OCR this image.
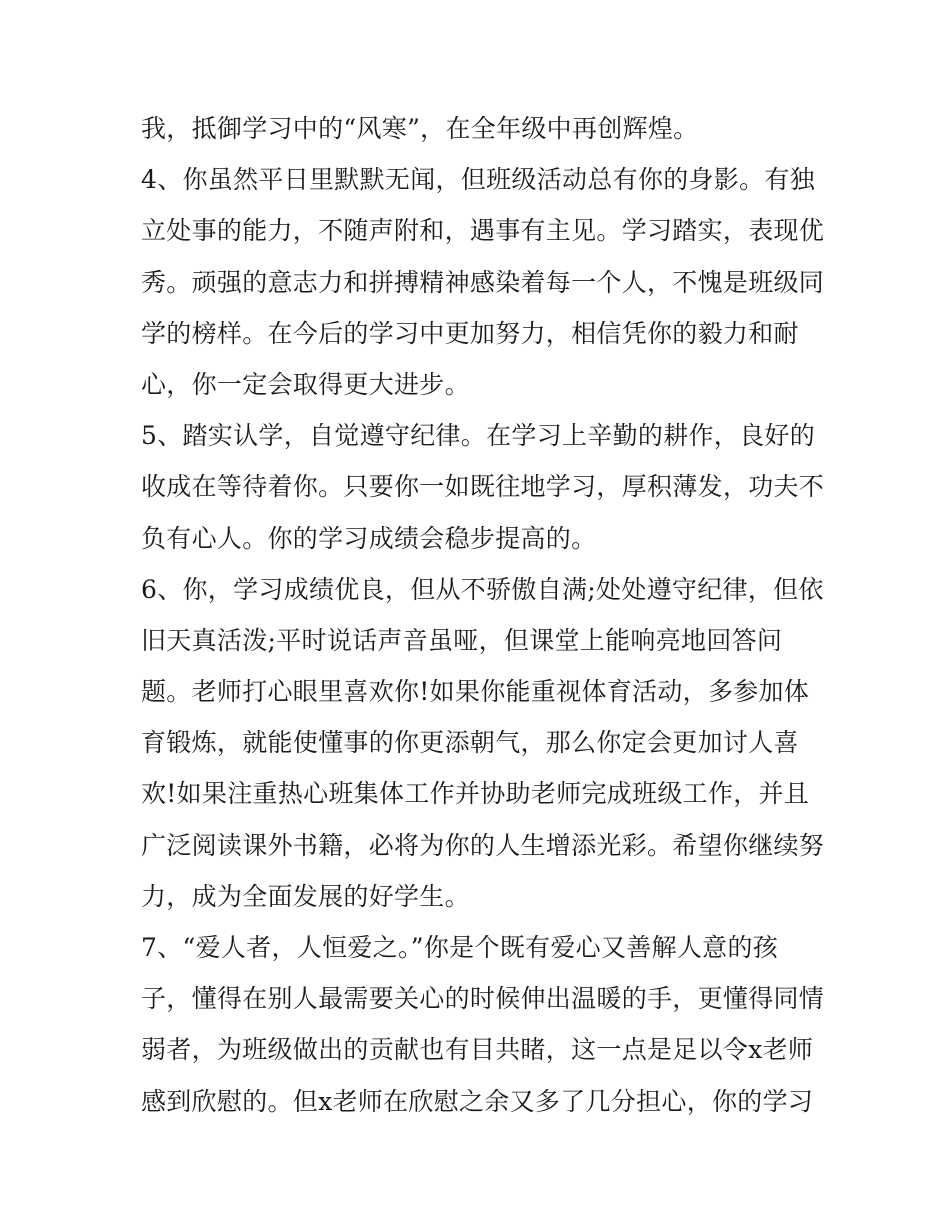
我，抵御学习中的“风寒”，在全年级中再创辉煌。
4、你虽然平日里默默无闻，但班级活动总有你的身影。有独
立处事的能力，不随声附和，遇事有主见。学习踏实，表现优
秀。顽强的意志力和拼搏精神感染着每一个人，不愧是班级同
学的榜样。在今后的学习中更加努力，相信凭你的毅力和耐
心，你一定会取得更大进步。
5、踏实认学，自觉遵守纪律。在学习上辛勤的耕作，良好的
收成在等待着你。只要你一如既往地学习，厚积薄发，功夫不
负有心人。你的学习成绩会稳步提高的。
6、你，学习成绩优良，但从不骄傲自满;处处遵守纪律，但依
旧天真活泼;平时说话声音虽哑，但课堂上能响亮地回答问
题。老师打心眼里喜欢你!如果你能重视体育活动，多参加体
育锻炼，就能使懂事的你更添朝气，那么你定会更加讨人喜
欢!如果注重热心班集体工作并协助老师完成班级工作，并且
广泛阅读课外书籍，必将为你的人生增添光彩。希望你继续努
力，成为全面发展的好学生。
7、“爱人者，人恒爱之。”你是个既有爱心又善解人意的孩
子，懂得在别人最需要关心的时候伸出温暖的手，更懂得同情
弱者，为班级做出的贡献也有目共睹，这一点是足以令x老师
感到欣慰的。但x老师在欣慰之余又多了几分担心，你的学习
